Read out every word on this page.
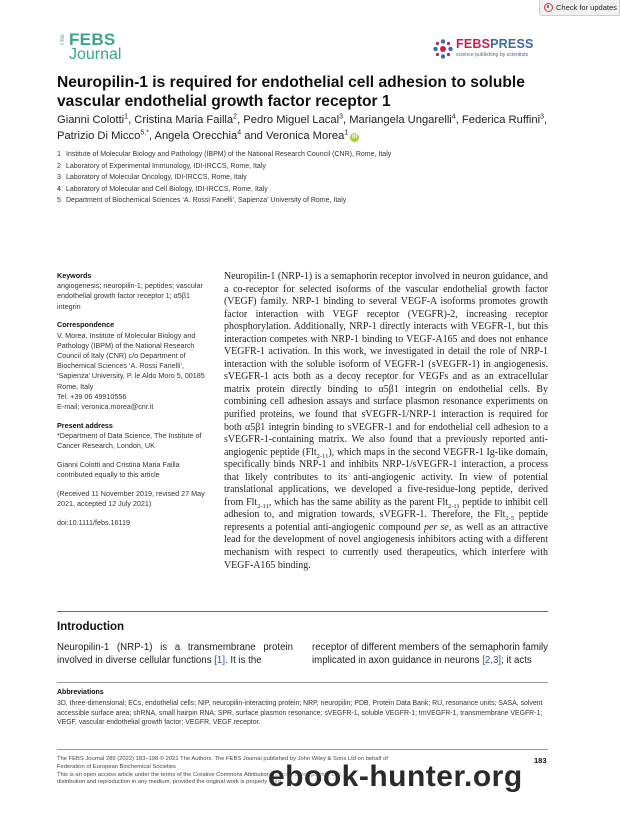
Check for updates
The FEBS
Journal
FEBSPRESS
science publishing by scientists
Neuropilin-1 is required for endothelial cell adhesion to soluble vascular endothelial growth factor receptor 1
Gianni Colotti$^1$, Cristina Maria Failla$^2$, Pedro Miguel Lacal$^3$, Mariangela Ungarelli$^4$, Federica Ruffini$^3$, Patrizio Di Micco$^{5,*}$, Angela Orecchia$^4$ and Veronica Morea$^1$iD
1 Institute of Molecular Biology and Pathology (IBPM) of the National Research Council (CNR), Rome, Italy
2 Laboratory of Experimental Immunology, IDI-IRCCS, Rome, Italy
3 Laboratory of Molecular Oncology, IDI-IRCCS, Rome, Italy
4 Laboratory of Molecular and Cell Biology, IDI-IRCCS, Rome, Italy
5 Department of Biochemical Sciences ‘A. Rossi Fanelli’, Sapienza’ University of Rome, Italy
Keywords

angiogenesis; neuropilin-1; peptides; vascular endothelial growth factor receptor 1; α5β1 integrin

Correspondence

V. Morea, Institute of Molecular Biology and Pathology (IBPM) of the National Research Council of Italy (CNR) c/o Department of Biochemical Sciences ‘A. Rossi Fanelli’, ‘Sapienza’ University, P. le Aldo Moro 5, 00185 Rome, Italy

Tel. +39 06 49910556

E-mail: veronica.morea@cnr.it

Present address

*Department of Data Science, The Institute of Cancer Research, London, UK

Gianni Colotti and Cristina Maria Failla contributed equally to this article

(Received 11 November 2019, revised 27 May 2021, accepted 12 July 2021)

doi:10.1111/febs.16119

Neuropilin-1 (NRP-1) is a semaphorin receptor involved in neuron guidance, and a co-receptor for selected isoforms of the vascular endothelial growth factor (VEGF) family. NRP-1 binding to several VEGF-A isoforms promotes growth factor interaction with VEGF receptor (VEGFR)-2, increasing receptor phosphorylation. Additionally, NRP-1 directly interacts with VEGFR-1, but this interaction competes with NRP-1 binding to VEGF-A165 and does not enhance VEGFR-1 activation. In this work, we investigated in detail the role of NRP-1 interaction with the soluble isoform of VEGFR-1 (sVEGFR-1) in angiogenesis. sVEGFR-1 acts both as a decoy receptor for VEGFs and as an extracellular matrix protein directly binding to α5β1 integrin on endothelial cells. By combining cell adhesion assays and surface plasmon resonance experiments on purified proteins, we found that sVEGFR-1/NRP-1 interaction is required for both α5β1 integrin binding to sVEGFR-1 and for endothelial cell adhesion to a sVEGFR-1-containing matrix. We also found that a previously reported anti-angiogenic peptide (Flt$_{2-11}$), which maps in the second VEGFR-1 Ig-like domain, specifically binds NRP-1 and inhibits NRP-1/sVEGFR-1 interaction, a process that likely contributes to its anti-angiogenic activity. In view of potential translational applications, we developed a five-residue-long peptide, derived from Flt$_{2-11}$, which has the same ability as the parent Flt$_{2-11}$ peptide to inhibit cell adhesion to, and migration towards, sVEGFR-1. Therefore, the Flt$_{2-5}$ peptide represents a potential anti-angiogenic compound per se, as well as an attractive lead for the development of novel angiogenesis inhibitors acting with a different mechanism with respect to currently used therapeutics, which interfere with VEGF-A165 binding.

Introduction
Neuropilin-1 (NRP-1) is a transmembrane protein involved in diverse cellular functions [1]. It is the
receptor of different members of the semaphorin family implicated in axon guidance in neurons [2,3]; it acts
Abbreviations
3D, three-dimensional; ECs, endothelial cells; NIP, neuropilin-interacting protein; NRP, neuropilin; PDB, Protein Data Bank; RU, resonance units; SASA, solvent accessible surface area; shRNA, small hairpin RNA; SPR, surface plasmon resonance; sVEGFR-1, soluble VEGFR-1; tmVEGFR-1, transmembrane VEGFR-1; VEGF, vascular endothelial growth factor; VEGFR, VEGF receptor.
The FEBS Journal 289 (2022) 183–198 © 2021 The Authors. The FEBS Journal published by John Wiley & Sons Ltd on behalf of
Federation of European Biochemical Societies
This is an open access article under the terms of the Creative Commons Attribution License, which permits use,
distribution and reproduction in any medium, provided the original work is properly cited.
183
ebook-hunter.org
